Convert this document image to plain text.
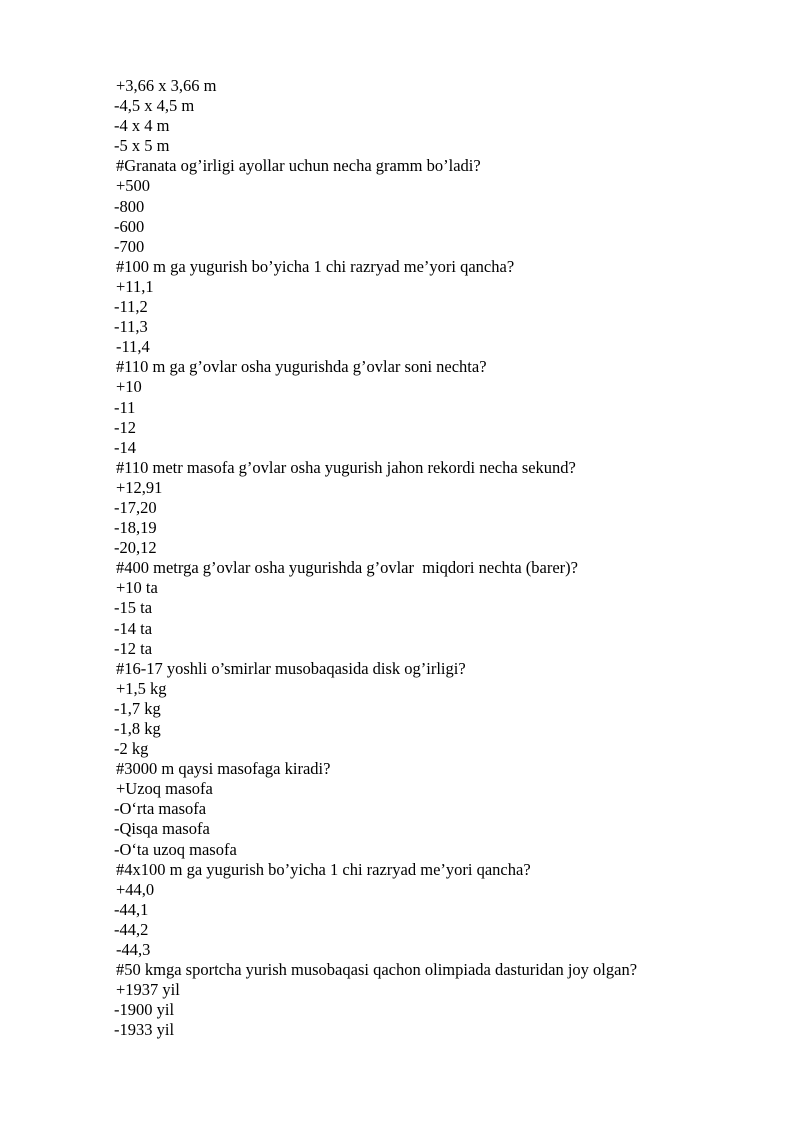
+3,66 x 3,66 m
-4,5 x 4,5 m
-4 x 4 m
-5 x 5 m
#Granata og’irligi ayollar uchun necha gramm bo’ladi?
+500
-800
-600
-700
#100 m ga yugurish bo’yicha 1 chi razryad me’yori qancha?
+11,1
-11,2
-11,3
-11,4
#110 m ga g’ovlar osha yugurishda g’ovlar soni nechta?
+10
-11
-12
-14
#110 metr masofa g’ovlar osha yugurish jahon rekordi necha sekund?
+12,91
-17,20
-18,19
-20,12
#400 metrga g’ovlar osha yugurishda g’ovlar  miqdori nechta (barer)?
+10 ta
-15 ta
-14 ta
-12 ta
#16-17 yoshli o’smirlar musobaqasida disk og’irligi?
+1,5 kg
-1,7 kg
-1,8 kg
-2 kg
#3000 m qaysi masofaga kiradi?
+Uzoq masofa
-O‘rta masofa
-Qisqa masofa
-O‘ta uzoq masofa
#4x100 m ga yugurish bo’yicha 1 chi razryad me’yori qancha?
+44,0
-44,1
-44,2
-44,3
#50 kmga sportcha yurish musobaqasi qachon olimpiada dasturidan joy olgan?
+1937 yil
-1900 yil
-1933 yil
